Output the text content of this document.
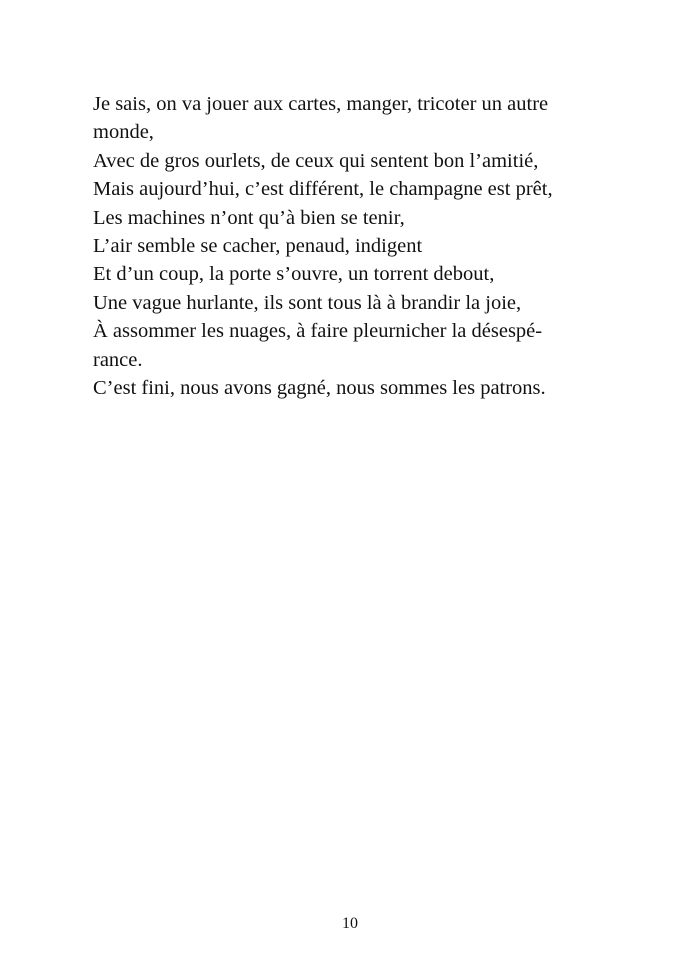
Je sais, on va jouer aux cartes, manger, tricoter un autre
monde,
Avec de gros ourlets, de ceux qui sentent bon l’amitié,
Mais aujourd’hui, c’est différent, le champagne est prêt,
Les machines n’ont qu’à bien se tenir,
L’air semble se cacher, penaud, indigent
Et d’un coup, la porte s’ouvre, un torrent debout,
Une vague hurlante, ils sont tous là à brandir la joie,
À assommer les nuages, à faire pleurnicher la désespé-
rance.
C’est fini, nous avons gagné, nous sommes les patrons.
10
